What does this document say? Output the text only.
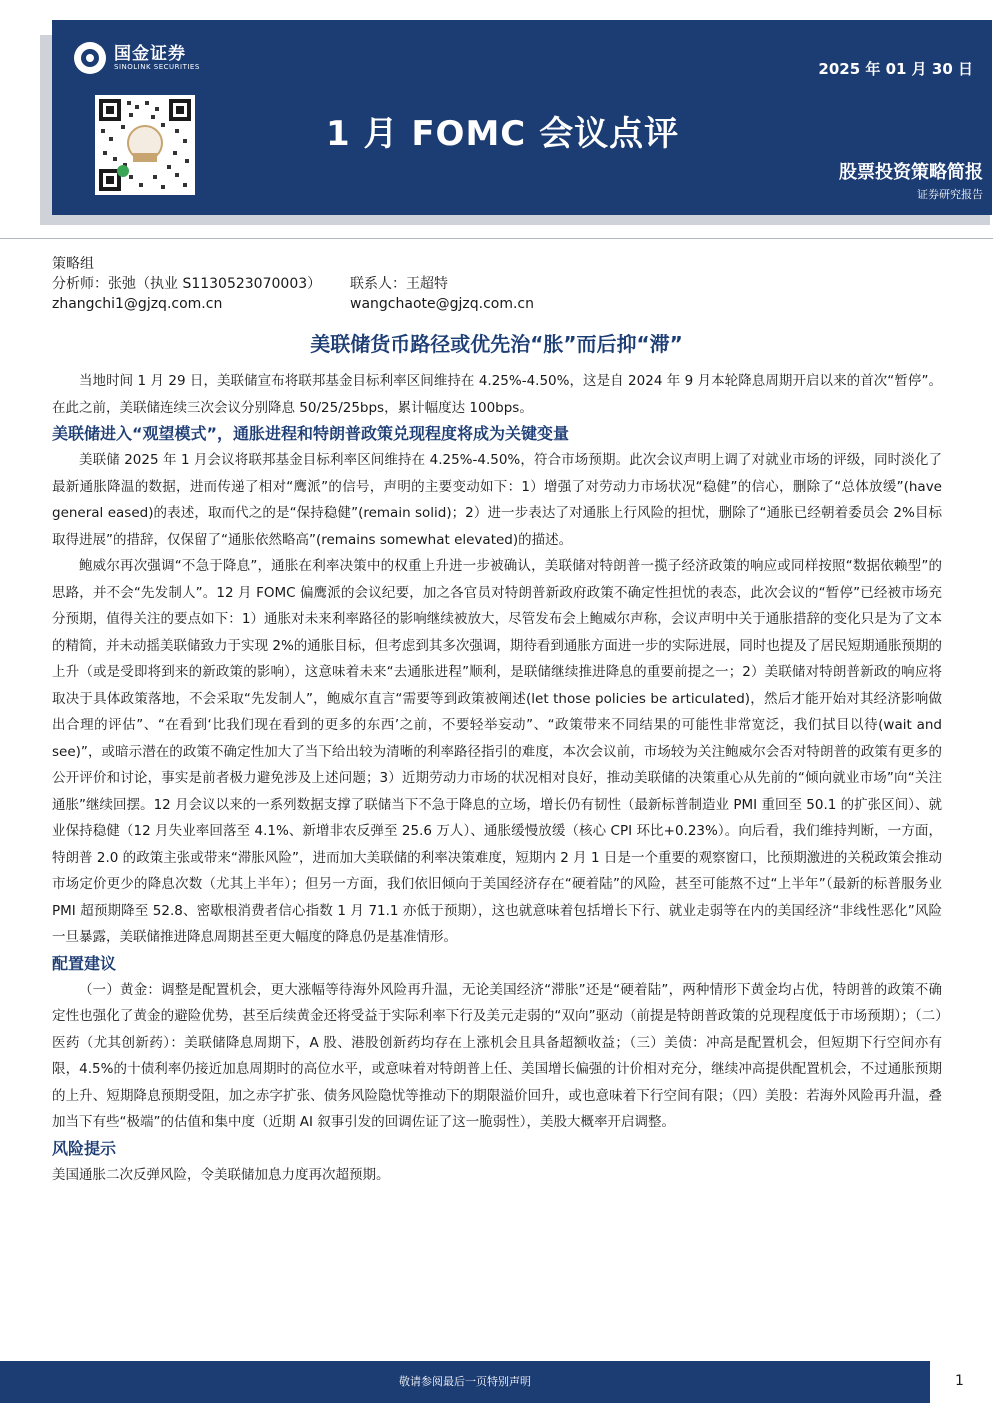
国金证券
SINOLINK SECURITIES	2025 年 01 月 30 日
1 月 FOMC 会议点评
股票投资策略简报
证券研究报告
策略组
分析师：张弛（执业 S1130523070003）	联系人：王超特
zhangchi1@gjzq.com.cn	wangchaote@gjzq.com.cn
美联储货币路径或优先治“胀”而后抑“滞”

当地时间 1 月 29 日，美联储宣布将联邦基金目标利率区间维持在 4.25%-4.50%，这是自 2024 年 9 月本轮降息周期开启以来的首次“暂停”。在此之前，美联储连续三次会议分别降息 50/25/25bps，累计幅度达 100bps。

美联储进入“观望模式”，通胀进程和特朗普政策兑现程度将成为关键变量

美联储 2025 年 1 月会议将联邦基金目标利率区间维持在 4.25%-4.50%，符合市场预期。此次会议声明上调了对就业市场的评级，同时淡化了最新通胀降温的数据，进而传递了相对“鹰派”的信号，声明的主要变动如下：1）增强了对劳动力市场状况“稳健”的信心，删除了“总体放缓”(have general eased)的表述，取而代之的是“保持稳健”(remain solid)；2）进一步表达了对通胀上行风险的担忧，删除了“通胀已经朝着委员会 2%目标取得进展”的措辞，仅保留了“通胀依然略高”(remains somewhat elevated)的描述。

鲍威尔再次强调“不急于降息”，通胀在利率决策中的权重上升进一步被确认，美联储对特朗普一揽子经济政策的响应或同样按照“数据依赖型”的思路，并不会“先发制人”。12 月 FOMC 偏鹰派的会议纪要，加之各官员对特朗普新政府政策不确定性担忧的表态，此次会议的“暂停”已经被市场充分预期，值得关注的要点如下：1）通胀对未来利率路径的影响继续被放大，尽管发布会上鲍威尔声称，会议声明中关于通胀措辞的变化只是为了文本的精简，并未动摇美联储致力于实现 2%的通胀目标，但考虑到其多次强调，期待看到通胀方面进一步的实际进展，同时也提及了居民短期通胀预期的上升（或是受即将到来的新政策的影响），这意味着未来“去通胀进程”顺利，是联储继续推进降息的重要前提之一；2）美联储对特朗普新政的响应将取决于具体政策落地，不会采取“先发制人”，鲍威尔直言“需要等到政策被阐述(let those policies be articulated)，然后才能开始对其经济影响做出合理的评估”、“在看到‘比我们现在看到的更多的东西’之前，不要轻举妄动”、“政策带来不同结果的可能性非常宽泛，我们拭目以待(wait and see)”，或暗示潜在的政策不确定性加大了当下给出较为清晰的利率路径指引的难度，本次会议前，市场较为关注鲍威尔会否对特朗普的政策有更多的公开评价和讨论，事实是前者极力避免涉及上述问题；3）近期劳动力市场的状况相对良好，推动美联储的决策重心从先前的“倾向就业市场”向“关注通胀”继续回摆。12 月会议以来的一系列数据支撑了联储当下不急于降息的立场，增长仍有韧性（最新标普制造业 PMI 重回至 50.1 的扩张区间）、就业保持稳健（12 月失业率回落至 4.1%、新增非农反弹至 25.6 万人）、通胀缓慢放缓（核心 CPI 环比+0.23%）。向后看，我们维持判断，一方面，特朗普 2.0 的政策主张或带来“滞胀风险”，进而加大美联储的利率决策难度，短期内 2 月 1 日是一个重要的观察窗口，比预期激进的关税政策会推动市场定价更少的降息次数（尤其上半年）；但另一方面，我们依旧倾向于美国经济存在“硬着陆”的风险，甚至可能熬不过“上半年”（最新的标普服务业 PMI 超预期降至 52.8、密歇根消费者信心指数 1 月 71.1 亦低于预期），这也就意味着包括增长下行、就业走弱等在内的美国经济“非线性恶化”风险一旦暴露，美联储推进降息周期甚至更大幅度的降息仍是基准情形。

配置建议

（一）黄金：调整是配置机会，更大涨幅等待海外风险再升温，无论美国经济“滞胀”还是“硬着陆”，两种情形下黄金均占优，特朗普的政策不确定性也强化了黄金的避险优势，甚至后续黄金还将受益于实际利率下行及美元走弱的“双向”驱动（前提是特朗普政策的兑现程度低于市场预期）；（二）医药（尤其创新药）：美联储降息周期下，A 股、港股创新药均存在上涨机会且具备超额收益；（三）美债：冲高是配置机会，但短期下行空间亦有限，4.5%的十债利率仍接近加息周期时的高位水平，或意味着对特朗普上任、美国增长偏强的计价相对充分，继续冲高提供配置机会，不过通胀预期的上升、短期降息预期受阻，加之赤字扩张、债务风险隐忧等推动下的期限溢价回升，或也意味着下行空间有限；（四）美股：若海外风险再升温，叠加当下有些“极端”的估值和集中度（近期 AI 叙事引发的回调佐证了这一脆弱性），美股大概率开启调整。

风险提示

美国通胀二次反弹风险，令美联储加息力度再次超预期。

敬请参阅最后一页特别声明	1
